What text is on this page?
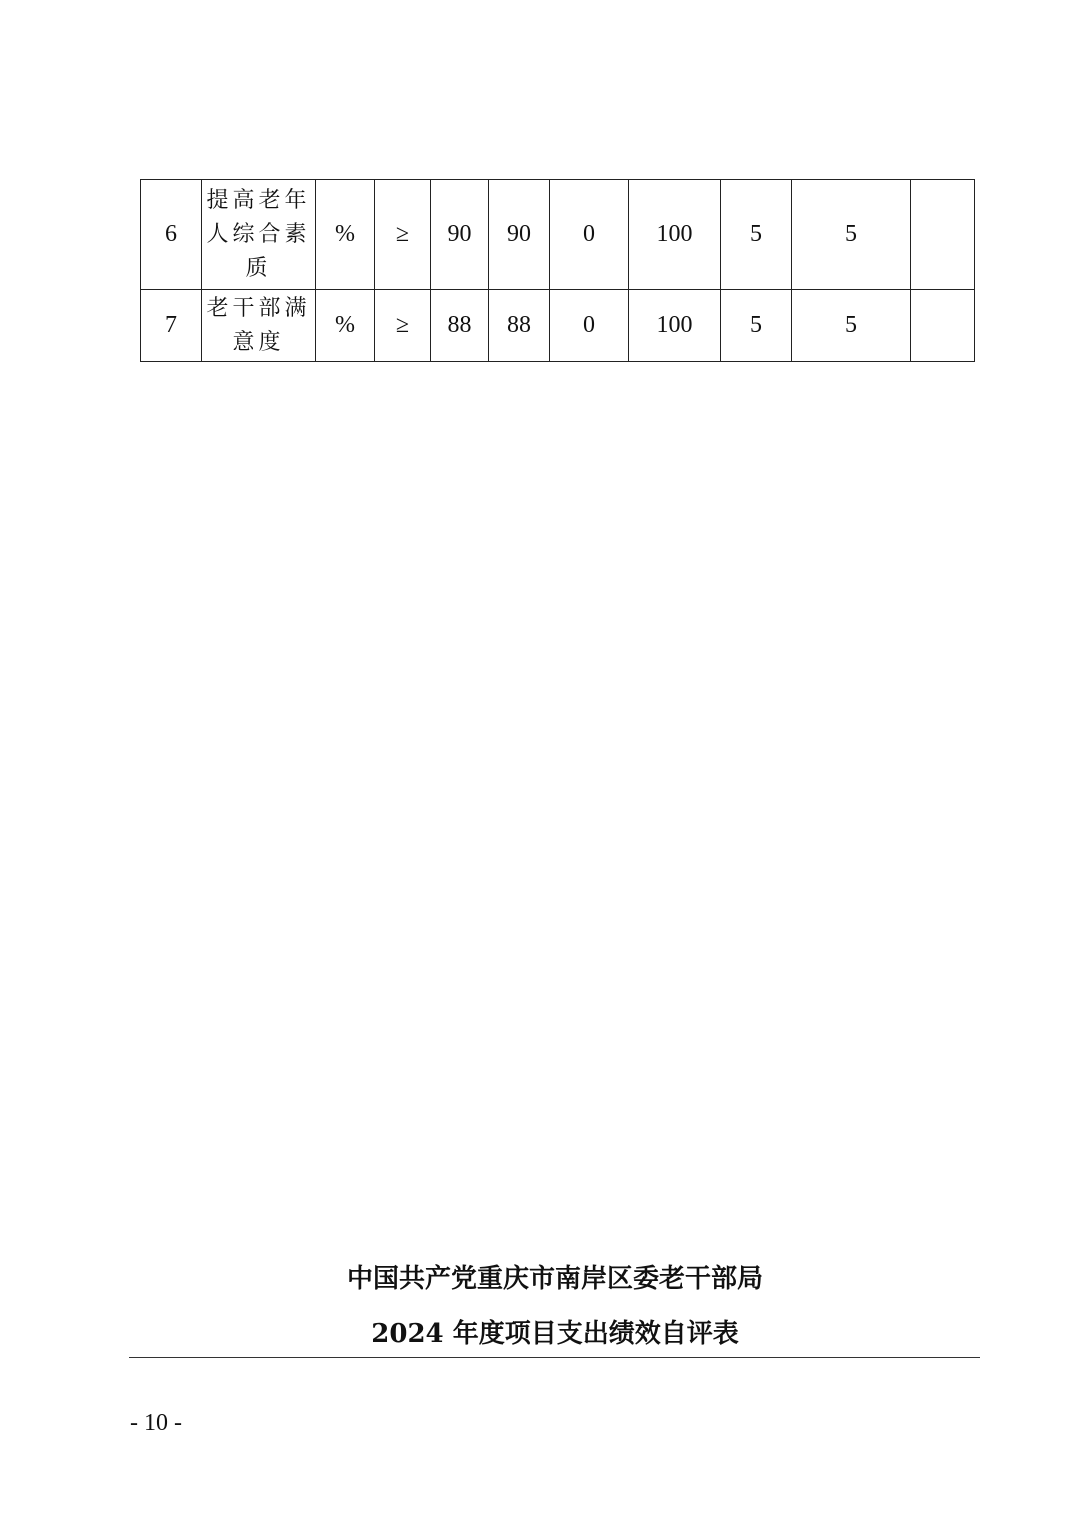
6	提高老年人综合素质	%	≥	90	90	0	100	5	5	
7	老干部满意度	%	≥	88	88	0	100	5	5	
中国共产党重庆市南岸区委老干部局
2024 年度项目支出绩效自评表
- 10 -
